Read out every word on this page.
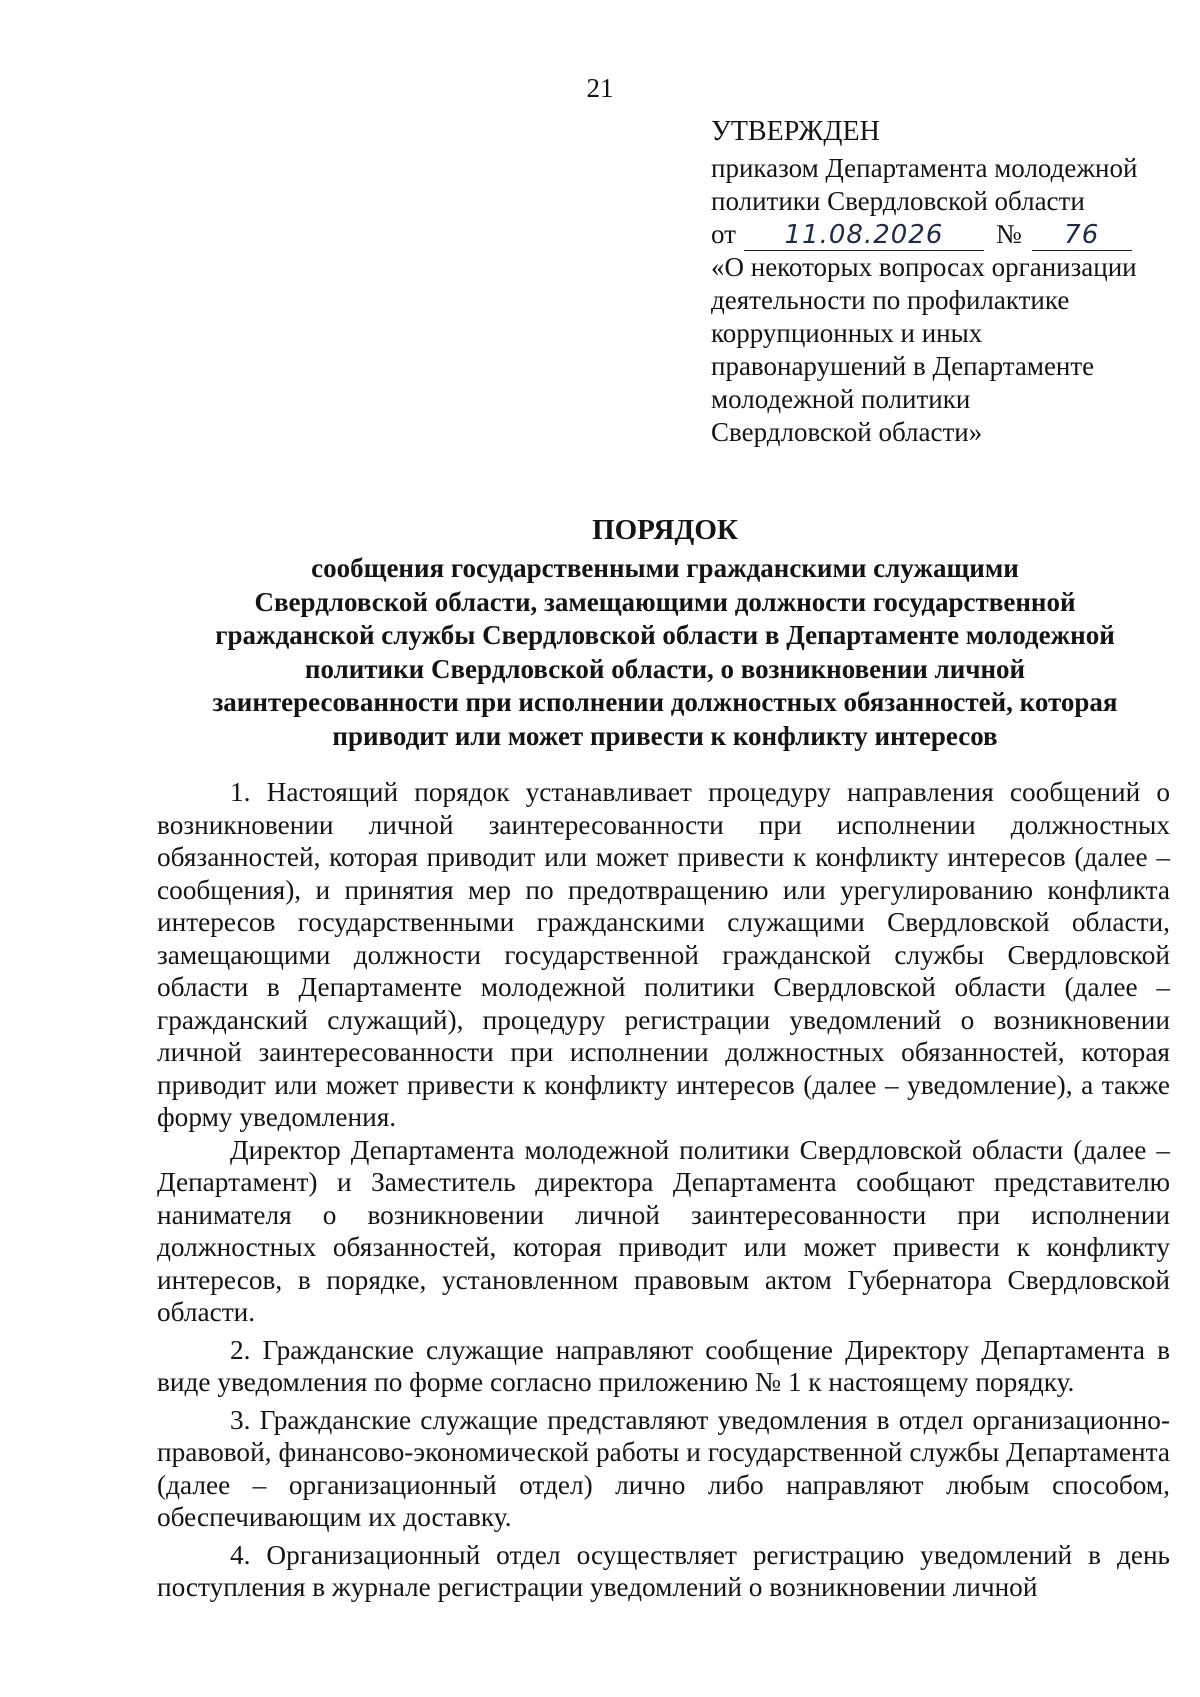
21
УТВЕРЖДЕН
приказом Департамента молодежной
политики Свердловской области
от	11.08.2026	№	76
«О некоторых вопросах организации
деятельности по профилактике
коррупционных и иных
правонарушений в Департаменте
молодежной политики
Свердловской области»
ПОРЯДОК
сообщения государственными гражданскими служащими
Свердловской области, замещающими должности государственной
гражданской службы Свердловской области в Департаменте молодежной
политики Свердловской области, о возникновении личной
заинтересованности при исполнении должностных обязанностей, которая
приводит или может привести к конфликту интересов

1. Настоящий порядок устанавливает процедуру направления сообщений о возникновении личной заинтересованности при исполнении должностных обязанностей, которая приводит или может привести к конфликту интересов (далее – сообщения), и принятия мер по предотвращению или урегулированию конфликта интересов государственными гражданскими служащими Свердловской области, замещающими должности государственной гражданской службы Свердловской области в Департаменте молодежной политики Свердловской области (далее – гражданский служащий), процедуру регистрации уведомлений о возникновении личной заинтересованности при исполнении должностных обязанностей, которая приводит или может привести к конфликту интересов (далее – уведомление), а также форму уведомления.

Директор Департамента молодежной политики Свердловской области (далее – Департамент) и Заместитель директора Департамента сообщают представителю нанимателя о возникновении личной заинтересованности при исполнении должностных обязанностей, которая приводит или может привести к конфликту интересов, в порядке, установленном правовым актом Губернатора Свердловской области.

2. Гражданские служащие направляют сообщение Директору Департамента в виде уведомления по форме согласно приложению № 1 к настоящему порядку.

3. Гражданские служащие представляют уведомления в отдел организационно-правовой, финансово-экономической работы и государственной службы Департамента (далее – организационный отдел) лично либо направляют любым способом, обеспечивающим их доставку.

4. Организационный отдел осуществляет регистрацию уведомлений в день поступления в журнале регистрации уведомлений о возникновении личной
